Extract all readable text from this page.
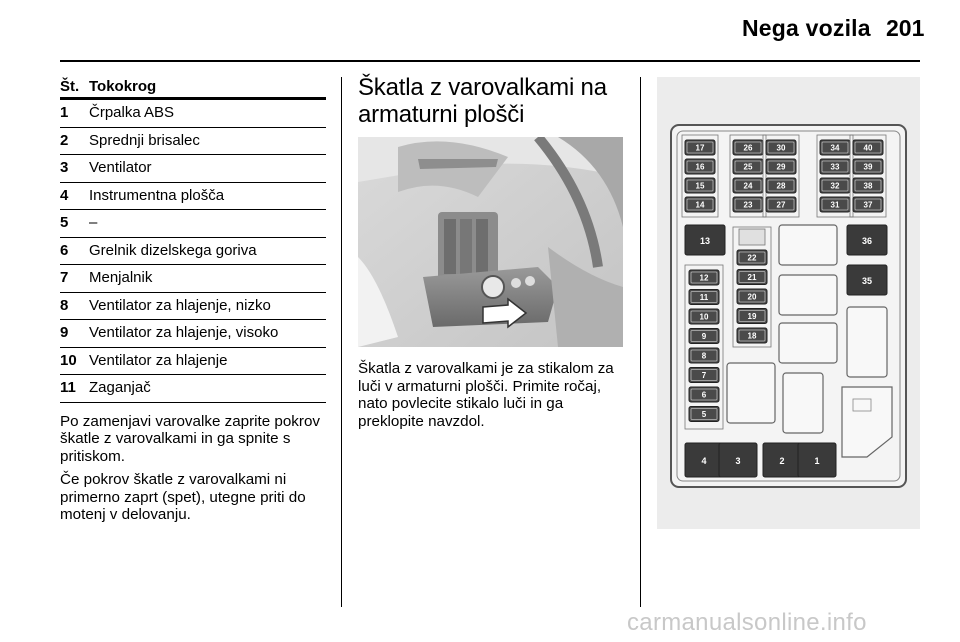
Nega vozila 201
Št. Tokokrog
1	Črpalka ABS
2	Sprednji brisalec
3	Ventilator
4	Instrumentna plošča
5	–
6	Grelnik dizelskega goriva
7	Menjalnik
8	Ventilator za hlajenje, nizko
9	Ventilator za hlajenje, visoko
10 Ventilator za hlajenje
11 Zaganjač

Po zamenjavi varovalke zaprite pokrov škatle z varovalkami in ga spnite s pritiskom.

Če pokrov škatle z varovalkami ni primerno zaprt (spet), utegne priti do motenj v delovanju.

Škatla z varovalkami na armaturni plošči

Škatla z varovalkami je za stikalom za luči v armaturni plošči. Primite ročaj, nato povlecite stikalo luči in ga preklopite navzdol.

17
16
15
14
26
25
24
23
30
29
28
27
34
33
32
31
40
39
38
37
13	36
35
4	3	2	1
12
11
10
9
8
7
6
5
22
21
20
19
18
carmanualsonline.info
